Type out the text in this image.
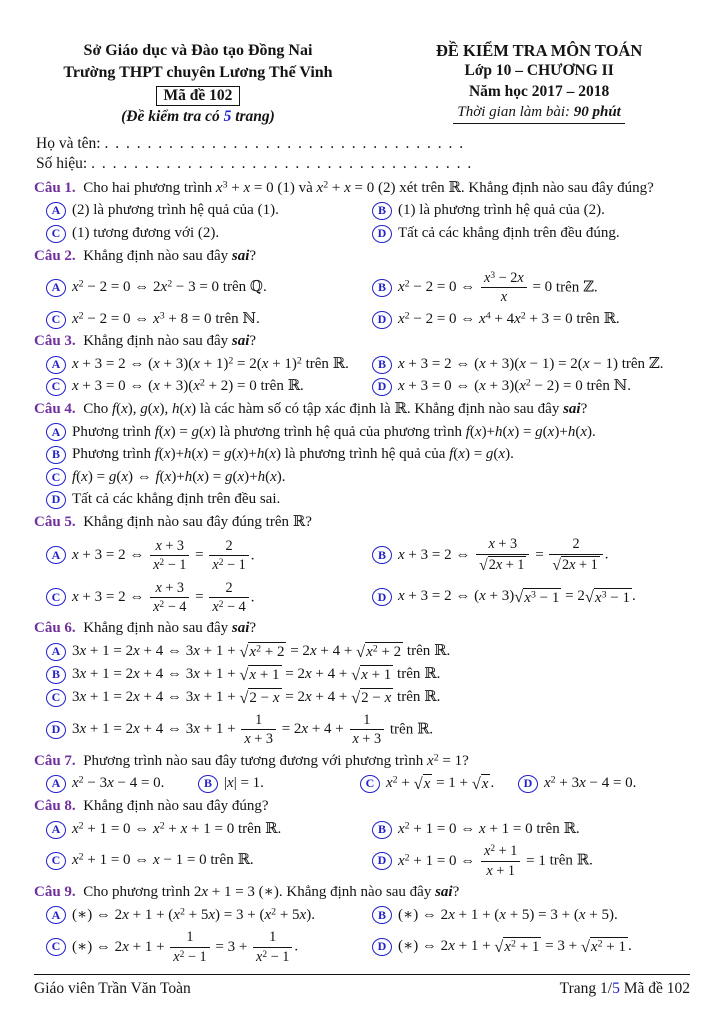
Sở Giáo dục và Đào tạo Đồng Nai
Trường THPT chuyên Lương Thế Vinh
Mã đề 102
(Đề kiểm tra có 5 trang)
ĐỀ KIỂM TRA MÔN TOÁN
Lớp 10 – CHƯƠNG II
Năm học 2017 – 2018
Thời gian làm bài: 90 phút
Họ và tên: . . . . . . . . . . . . . . . . . . . . . . . . . . . . . . . . . .
Số hiệu: . . . . . . . . . . . . . . . . . . . . . . . . . . . . . . . . . . . .
Câu 1. Cho hai phương trình $x^3 + x = 0$ (1) và $x^2 + x = 0$ (2) xét trên ℝ. Khẳng định nào sau đây đúng?
A (2) là phương trình hệ quả của (1).	B (1) là phương trình hệ quả của (2).
C (1) tương đương với (2).	D Tất cả các khẳng định trên đều đúng.
Câu 2. Khẳng định nào sau đây sai?
A $x^2 - 2 = 0$ ⇔ $2x^2 - 3 = 0$ trên ℚ.	B $x^2 - 2 = 0$ ⇔ $\frac{x^3 - 2x}{x} = 0$ trên ℤ.
C $x^2 - 2 = 0$ ⇔ $x^3 + 8 = 0$ trên ℕ.	D $x^2 - 2 = 0$ ⇔ $x^4 + 4x^2 + 3 = 0$ trên ℝ.
Câu 3. Khẳng định nào sau đây sai?
A x + 3 = 2 ⇔ $(x + 3)(x + 1)^2 = 2(x + 1)^2$ trên ℝ.	B x + 3 = 2 ⇔ (x + 3)(x − 1) = 2(x − 1) trên ℤ.
C x + 3 = 0 ⇔ $(x + 3)(x^2 + 2) = 0$ trên ℝ.	D x + 3 = 0 ⇔ $(x + 3)(x^2 - 2) = 0$ trên ℕ.
Câu 4. Cho f(x), g(x), h(x) là các hàm số có tập xác định là ℝ. Khẳng định nào sau đây sai?
A Phương trình f(x) = g(x) là phương trình hệ quả của phương trình f(x)+h(x) = g(x)+h(x).
B Phương trình f(x)+h(x) = g(x)+h(x) là phương trình hệ quả của f(x) = g(x).
C f(x) = g(x) ⇔ f(x)+h(x) = g(x)+h(x).
D Tất cả các khẳng định trên đều sai.
Câu 5. Khẳng định nào sau đây đúng trên ℝ?
A x + 3 = 2 ⇔ $\frac{x + 3}{x^2 - 1} = \frac{2}{x^2 - 1}$ .	B x + 3 = 2 ⇔ $\frac{x + 3}{√ 2x + 1} = \frac{2}{√ 2x + 1}$ .
C x + 3 = 2 ⇔ $\frac{x + 3}{x^2 - 4} = \frac{2}{x^2 - 4}$ .	D x + 3 = 2 ⇔ (x + 3) √ $x^3 - 1 = 2$ √ $x^3 - 1$ .
Câu 6. Khẳng định nào sau đây sai?
A 3x + 1 = 2x + 4 ⇔ 3x + 1 + √ $x^2 + 2 = 2x + 4$ + √ $x^2 + 2$ trên ℝ.
B 3x + 1 = 2x + 4 ⇔ 3x + 1 + √ x + 1 = 2x + 4 + √ x + 1 trên ℝ.
C 3x + 1 = 2x + 4 ⇔ 3x + 1 + √ 2 − x = 2x + 4 + √ 2 − x trên ℝ.
D 3x + 1 = 2x + 4 ⇔ $3x + 1 + \frac{1}{x + 3} = 2x + 4 + \frac{1}{x + 3}$ trên ℝ.
Câu 7. Phương trình nào sau đây tương đương với phương trình $x^2 = 1$?
A $x^2 - 3x - 4 = 0$.	B |x| = 1.	C $x^2$ + √ x = 1 + √ x .	D $x^2 + 3x - 4 = 0$.
Câu 8. Khẳng định nào sau đây đúng?
A $x^2 + 1 = 0$ ⇔ $x^2 + x + 1 = 0$ trên ℝ.	B $x^2 + 1 = 0$ ⇔ x + 1 = 0 trên ℝ.
C $x^2 + 1 = 0$ ⇔ x − 1 = 0 trên ℝ.	D $x^2 + 1 = 0$ ⇔ $\frac{x^2 + 1}{x + 1} = 1$ trên ℝ.
Câu 9. Cho phương trình 2x + 1 = 3 (∗). Khẳng định nào sau đây sai?
A (∗) ⇔ $2x + 1 + (x^2 + 5x) = 3 + (x^2 + 5x)$.	B (∗) ⇔ 2x + 1 + (x + 5) = 3 + (x + 5).
C (∗) ⇔ $2x + 1 + \frac{1}{x^2 - 1} = 3 + \frac{1}{x^2 - 1}$ .	D (∗) ⇔ 2x + 1 + √ $x^2 + 1 = 3$ + √ $x^2 + 1$ .
Giáo viên Trần Văn Toàn	Trang 1/5 Mã đề 102
